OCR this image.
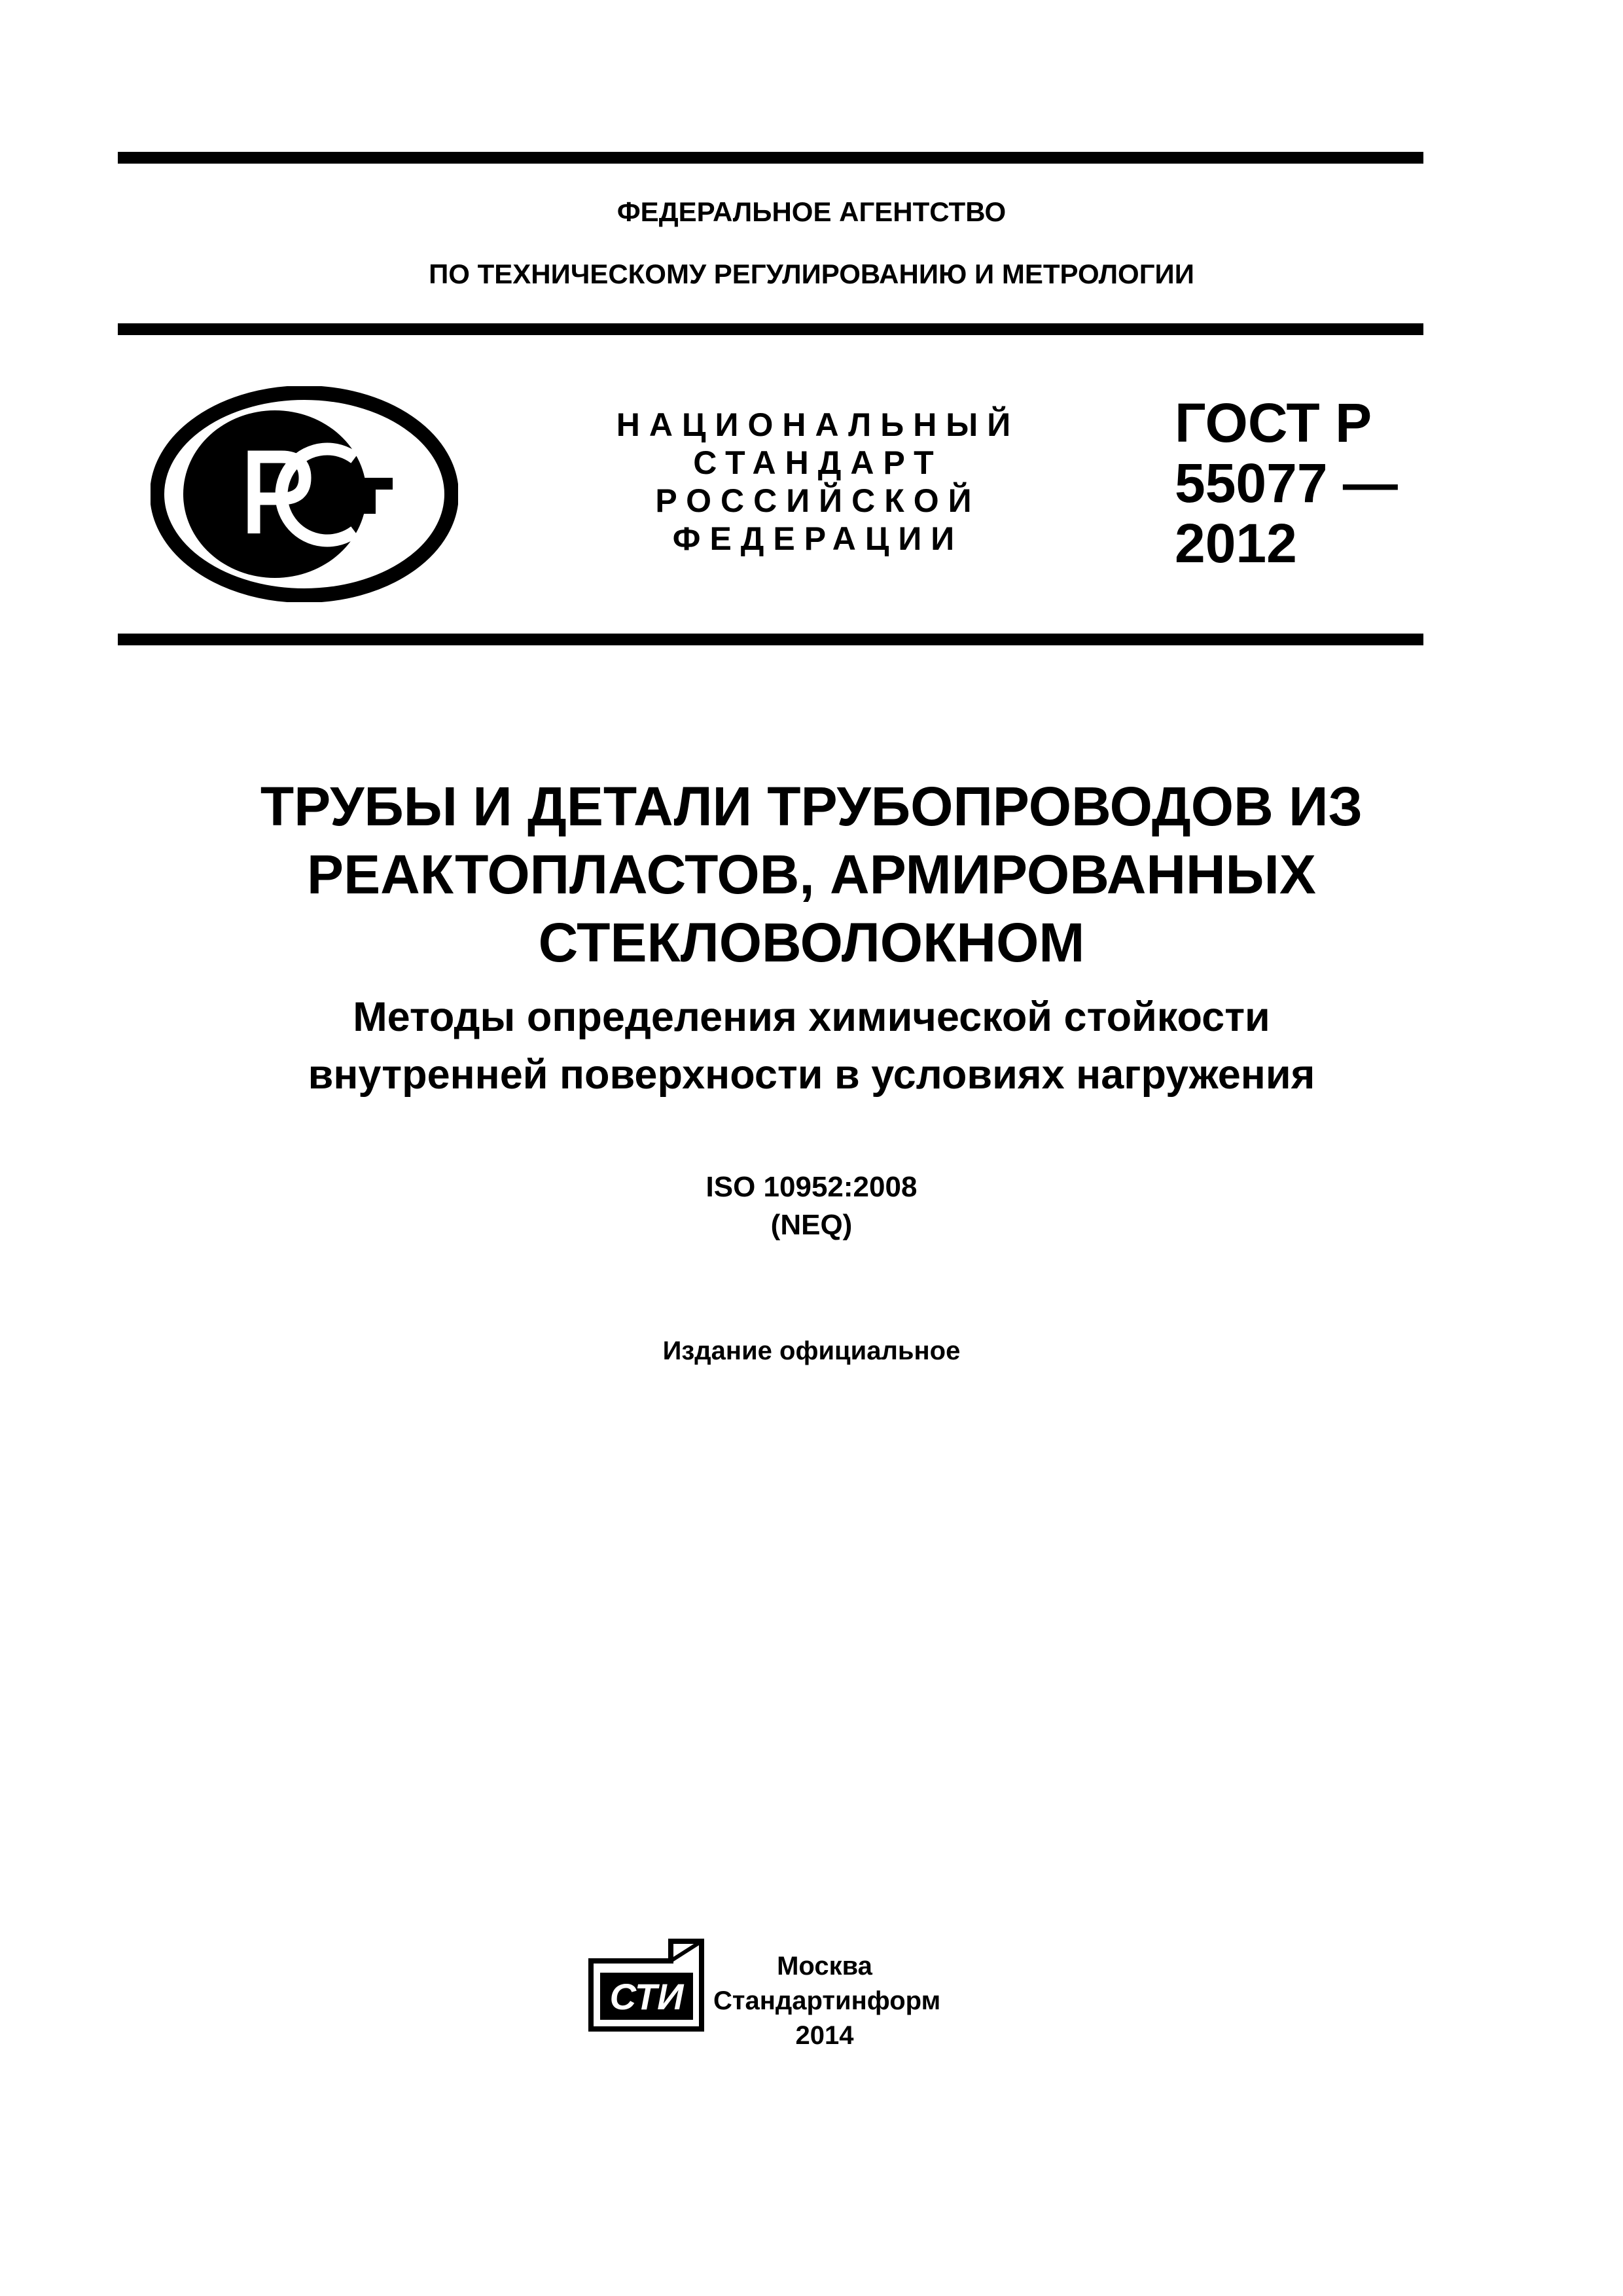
ФЕДЕРАЛЬНОЕ АГЕНТСТВО
ПО ТЕХНИЧЕСКОМУ РЕГУЛИРОВАНИЮ И МЕТРОЛОГИИ
НАЦИОНАЛЬНЫЙ
СТАНДАРТ
РОССИЙСКОЙ
ФЕДЕРАЦИИ
ГОСТ Р
55077 —
2012
ТРУБЫ И ДЕТАЛИ ТРУБОПРОВОДОВ ИЗ
РЕАКТОПЛАСТОВ, АРМИРОВАННЫХ
СТЕКЛОВОЛОКНОМ
Методы определения химической стойкости
внутренней поверхности в условиях нагружения
ISO 10952:2008
(NEQ)
Издание официальное
СТИ
Москва
Стандартинформ
2014
